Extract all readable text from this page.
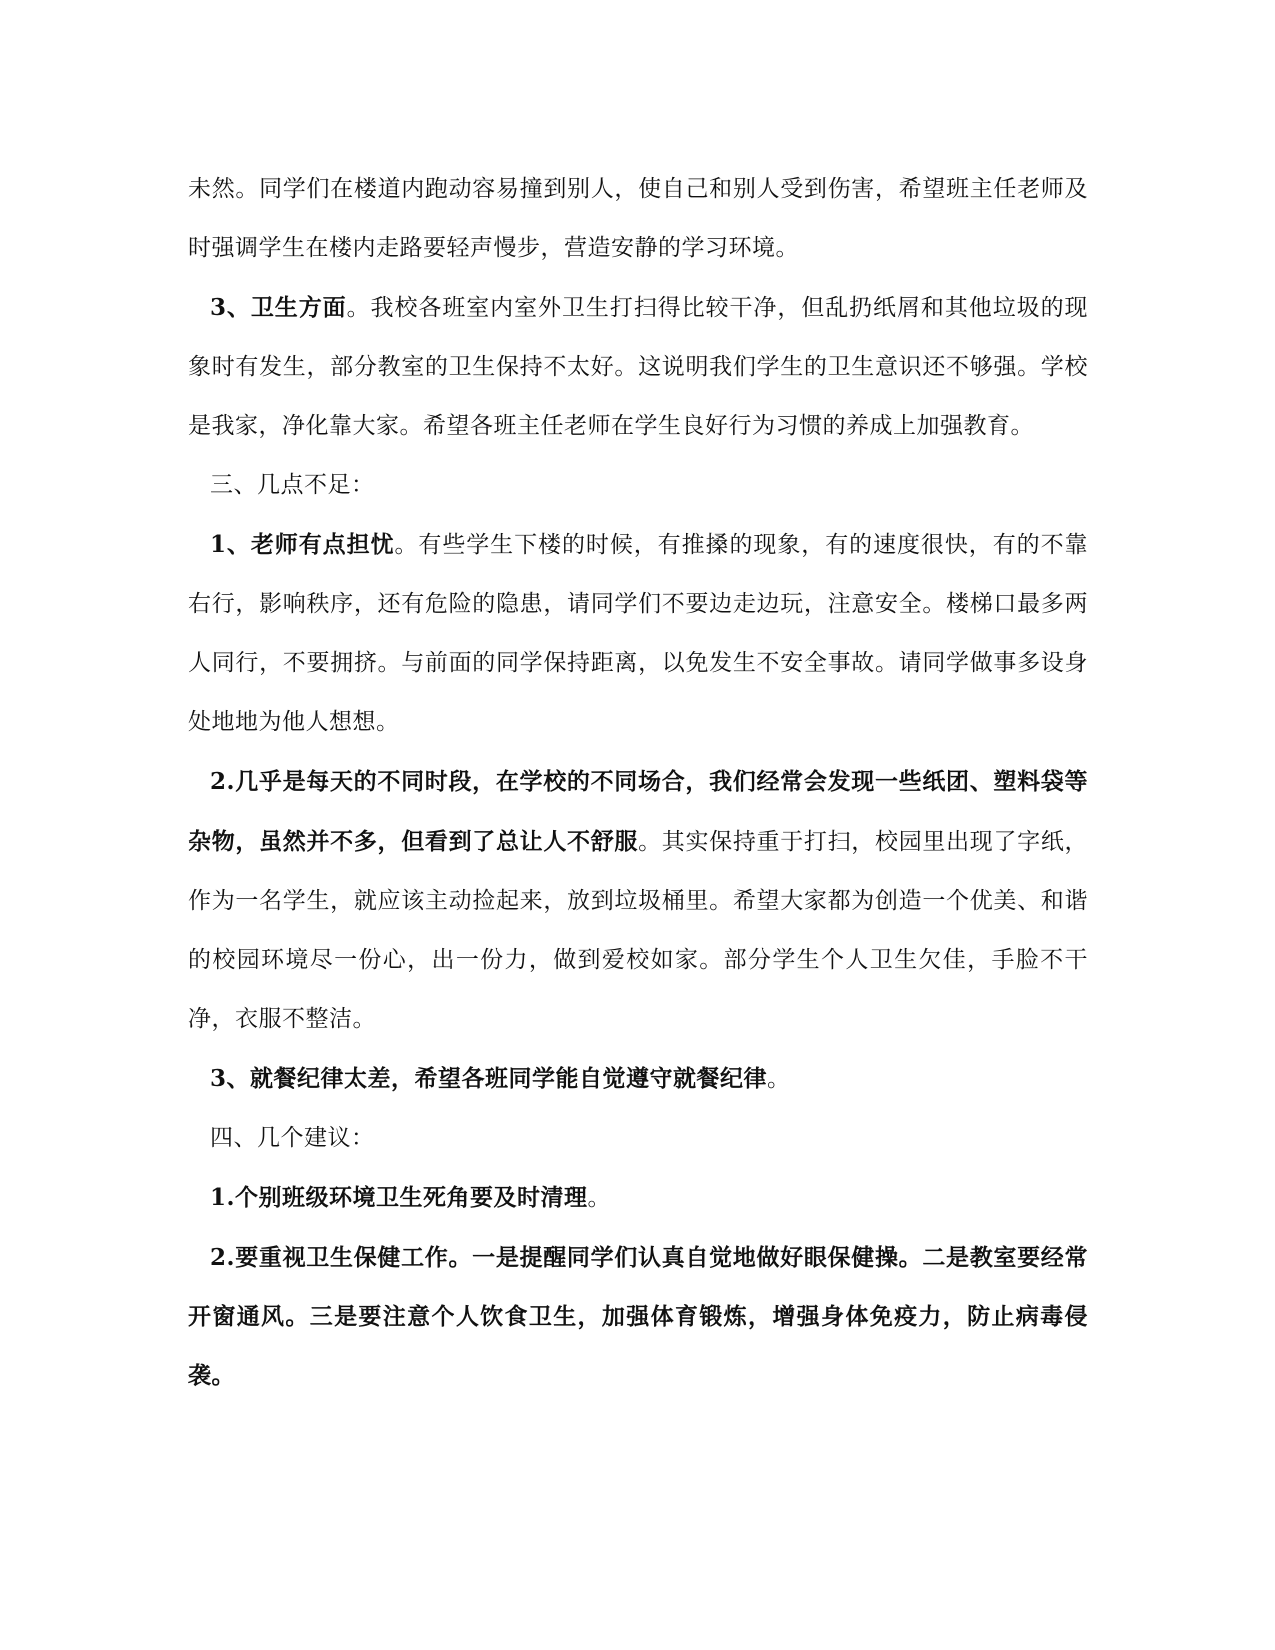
未然。同学们在楼道内跑动容易撞到别人，使自己和别人受到伤害，希望班主任老师及时强调学生在楼内走路要轻声慢步，营造安静的学习环境。

3、卫生方面。我校各班室内室外卫生打扫得比较干净，但乱扔纸屑和其他垃圾的现象时有发生，部分教室的卫生保持不太好。这说明我们学生的卫生意识还不够强。学校是我家，净化靠大家。希望各班主任老师在学生良好行为习惯的养成上加强教育。

三、几点不足：

1、老师有点担忧。有些学生下楼的时候，有推搡的现象，有的速度很快，有的不靠右行，影响秩序，还有危险的隐患，请同学们不要边走边玩，注意安全。楼梯口最多两人同行，不要拥挤。与前面的同学保持距离，以免发生不安全事故。请同学做事多设身处地地为他人想想。

2.几乎是每天的不同时段，在学校的不同场合，我们经常会发现一些纸团、塑料袋等杂物，虽然并不多，但看到了总让人不舒服。其实保持重于打扫，校园里出现了字纸，作为一名学生，就应该主动捡起来，放到垃圾桶里。希望大家都为创造一个优美、和谐的校园环境尽一份心，出一份力，做到爱校如家。部分学生个人卫生欠佳，手脸不干净，衣服不整洁。

3、就餐纪律太差，希望各班同学能自觉遵守就餐纪律。

四、几个建议：

1.个别班级环境卫生死角要及时清理。

2.要重视卫生保健工作。一是提醒同学们认真自觉地做好眼保健操。二是教室要经常开窗通风。三是要注意个人饮食卫生，加强体育锻炼，增强身体免疫力，防止病毒侵袭。
